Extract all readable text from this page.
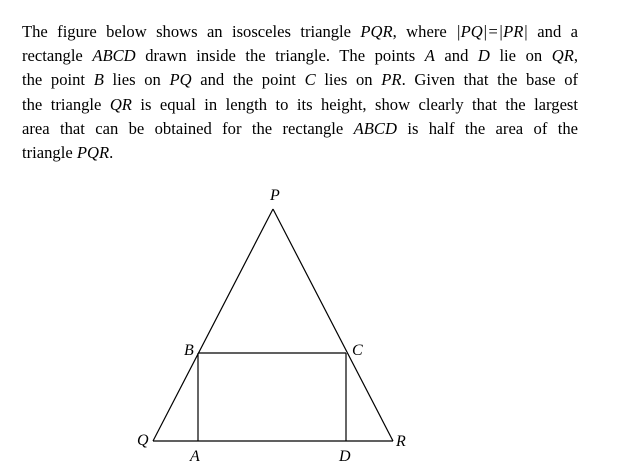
The figure below shows an isosceles triangle PQR, where |PQ|=|PR| and a
rectangle ABCD drawn inside the triangle. The points A and D lie on QR,
the point B lies on PQ and the point C lies on PR. Given that the base of
the triangle QR is equal in length to its height, show clearly that the largest
area that can be obtained for the rectangle ABCD is half the area of the
triangle PQR.
P
Q	R
A
B	C
D
